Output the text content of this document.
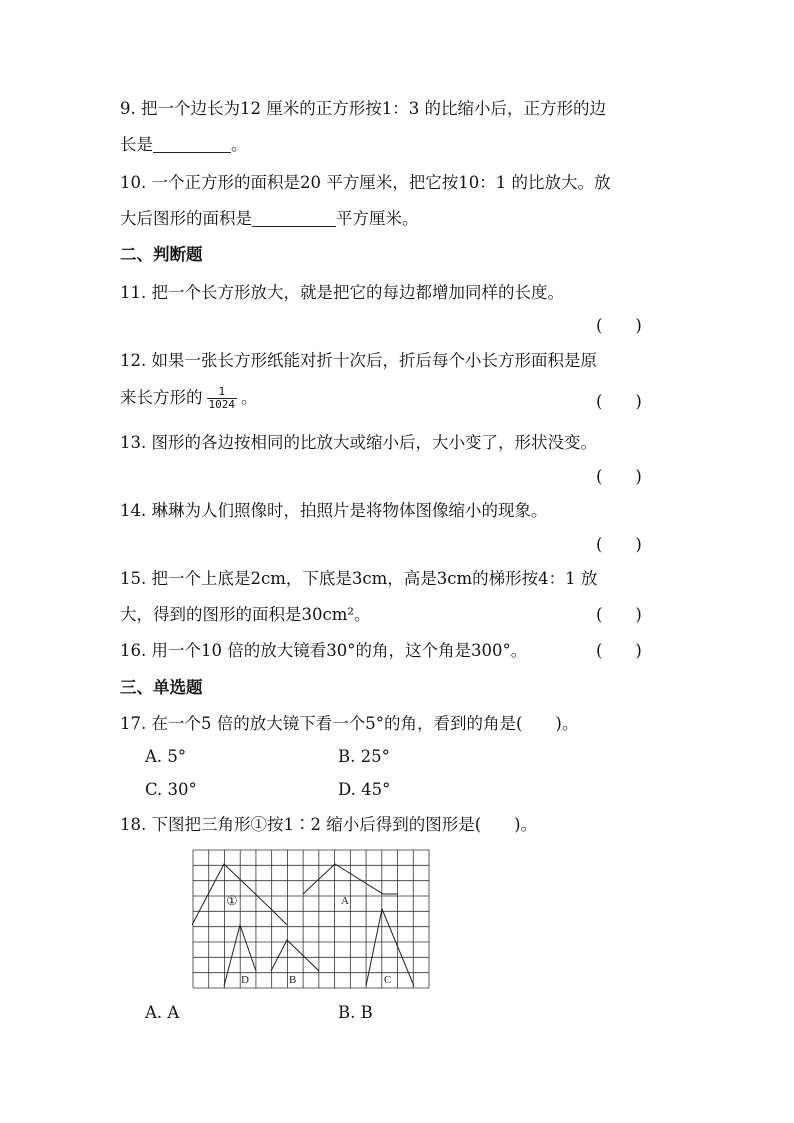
9. 把一个边长为12 厘米的正方形按1：3 的比缩小后，正方形的边
长是	。
10. 一个正方形的面积是20 平方厘米，把它按10：1 的比放大。放
大后图形的面积是	平方厘米。
二、判断题
11. 把一个长方形放大，就是把它的每边都增加同样的长度。
(　　)
12. 如果一张长方形纸能对折十次后，折后每个小长方形面积是原
来长方形的 $\frac{1}{1024}$ 。	(　　)
13. 图形的各边按相同的比放大或缩小后，大小变了，形状没变。
(　　)
14. 琳琳为人们照像时，拍照片是将物体图像缩小的现象。
(　　)
15. 把一个上底是2cm，下底是3cm，高是3cm的梯形按4：1 放
大，得到的图形的面积是30cm²。	(　　)
16. 用一个10 倍的放大镜看30°的角，这个角是300°。	(　　)
三、单选题
17. 在一个5 倍的放大镜下看一个5°的角，看到的角是(　　)。
A. 5°	B. 25°
C. 30°	D. 45°
18. 下图把三角形①按1∶2 缩小后得到的图形是(　　)。
①	A
B	C
D
A. A	B. B
